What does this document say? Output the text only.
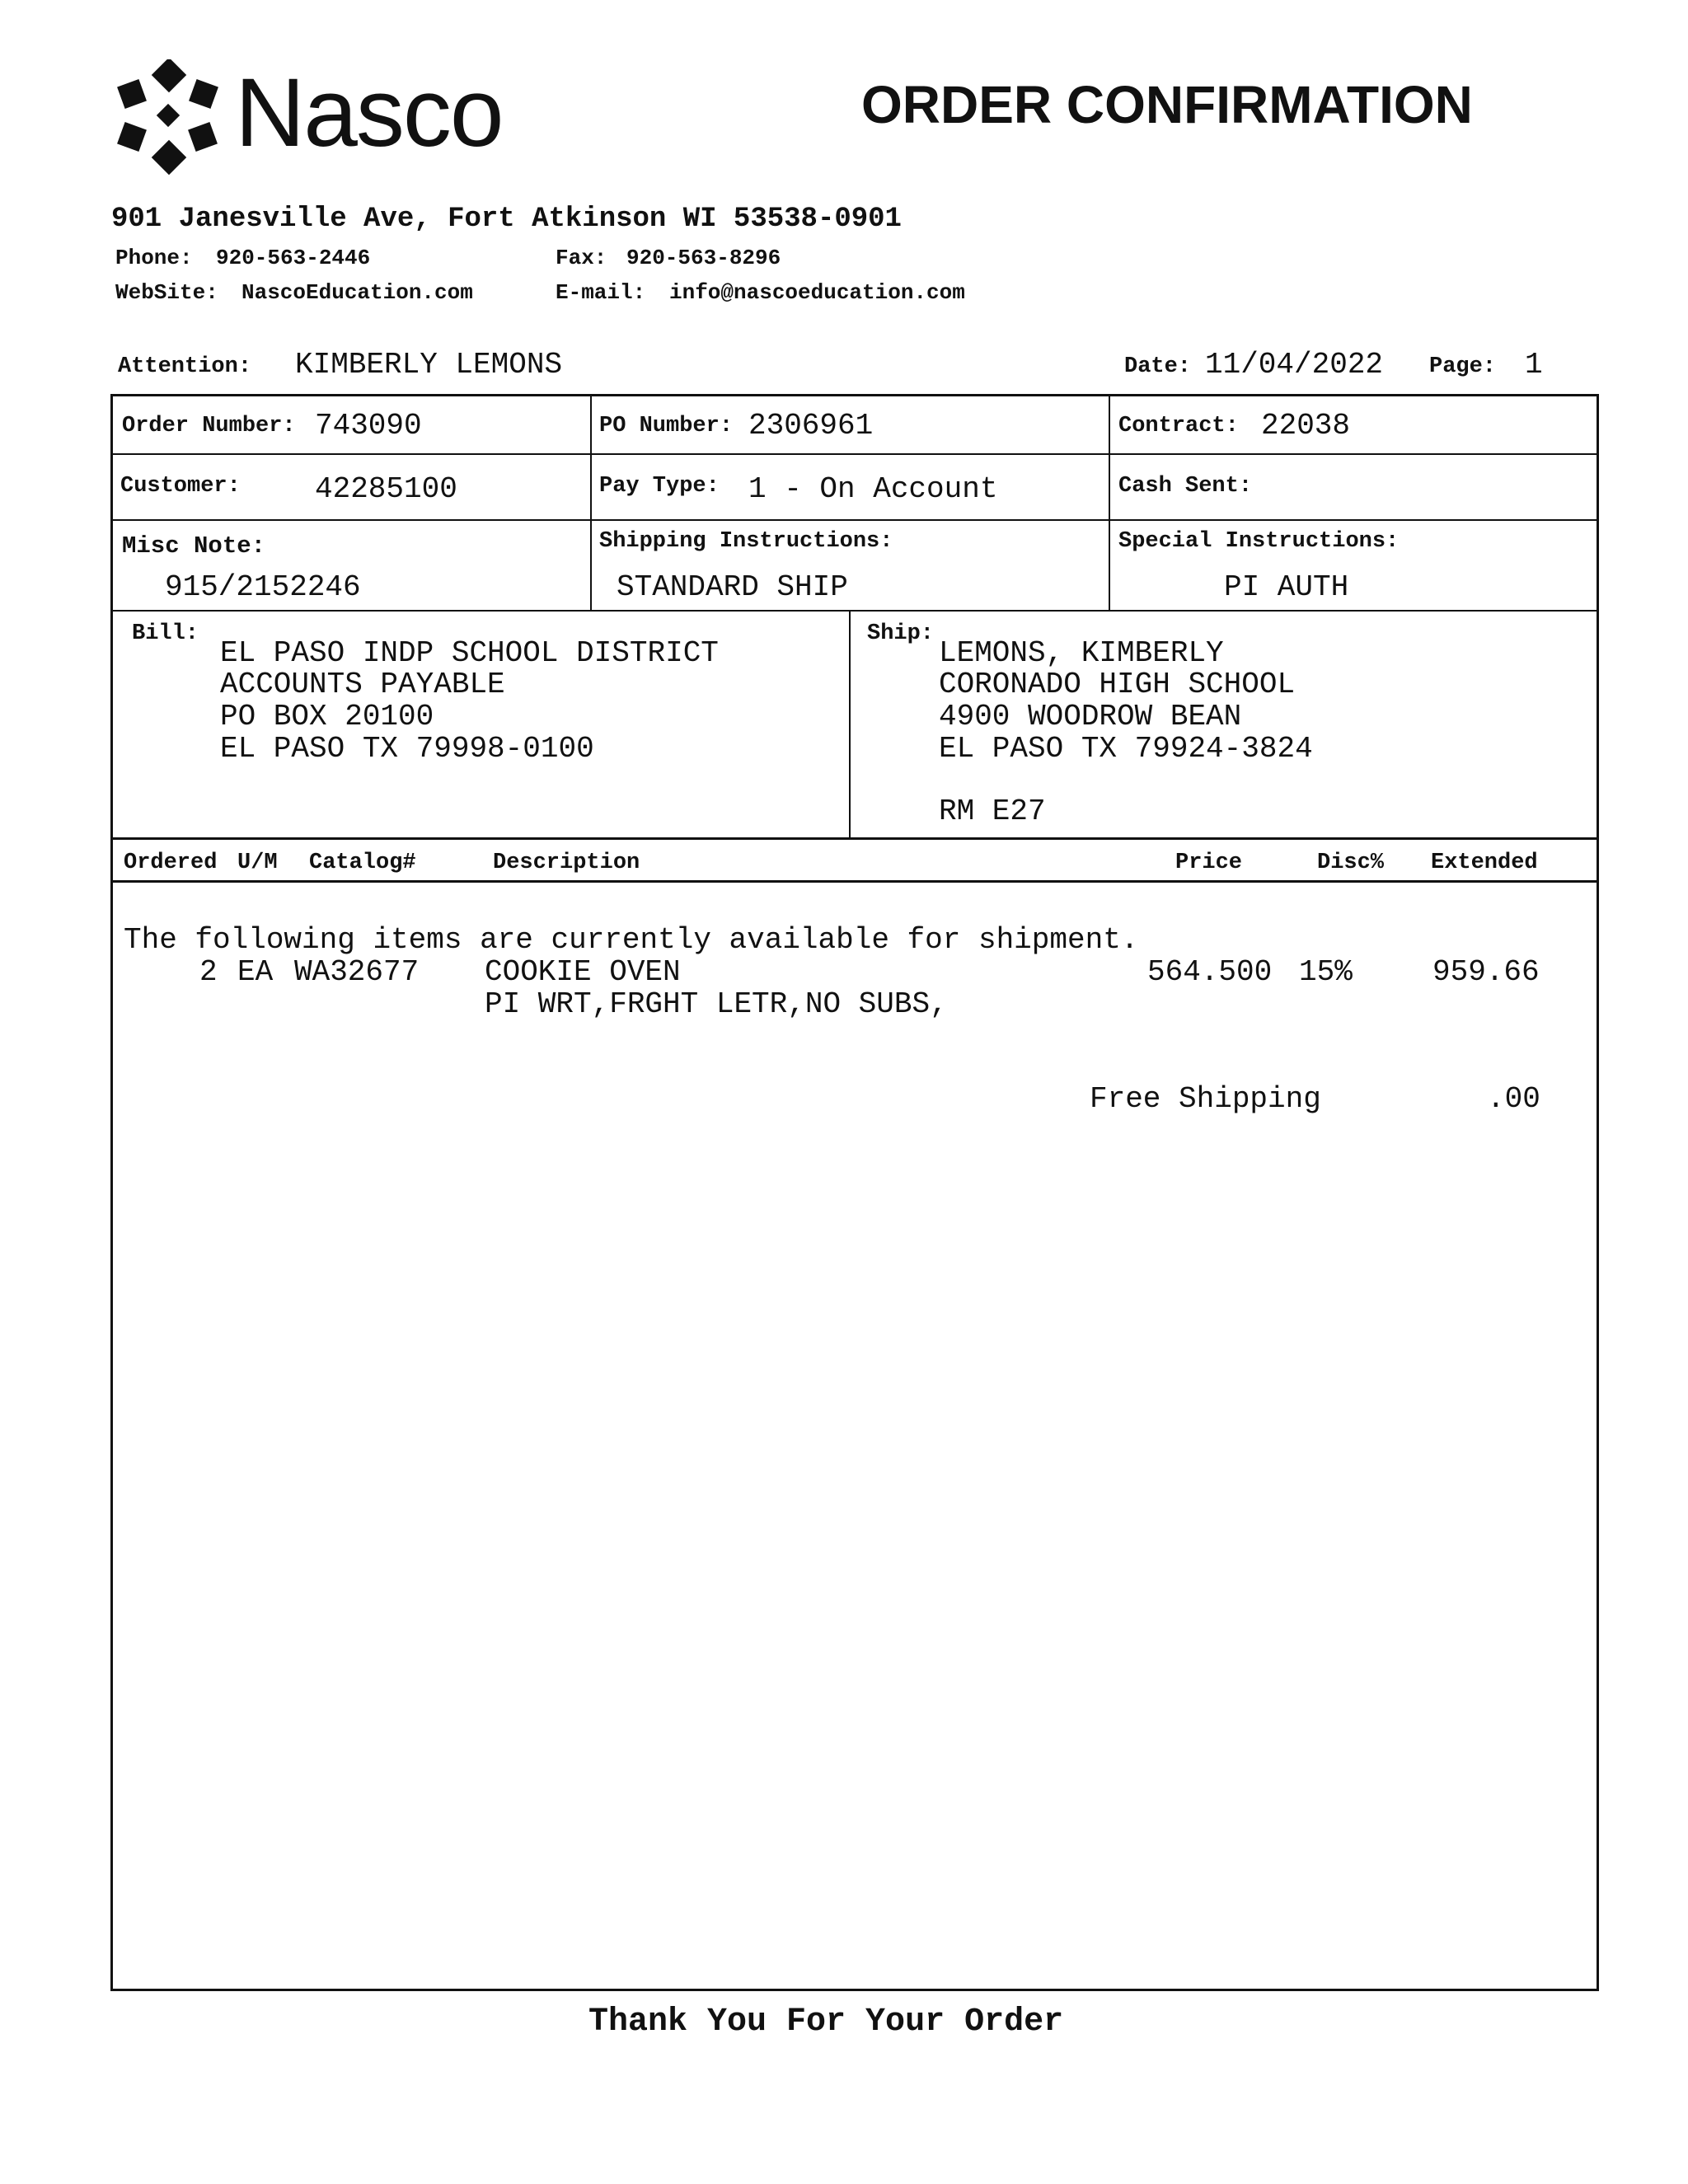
Nasco	ORDER CONFIRMATION
901 Janesville Ave, Fort Atkinson WI 53538-0901
Phone: 920-563-2446	Fax: 920-563-8296
WebSite: NascoEducation.com	E-mail: info@nascoeducation.com
Attention: KIMBERLY LEMONS	Date: 11/04/2022 Page: 1
Order Number: 743090	PO Number: 2306961	Contract: 22038
Customer:	42285100	Pay Type: 1 - On Account	Cash Sent:
Misc Note:
915/2152246
Shipping Instructions:
STANDARD SHIP
Special Instructions:
PI AUTH
Bill:
EL PASO INDP SCHOOL DISTRICT
ACCOUNTS PAYABLE
PO BOX 20100
EL PASO TX 79998-0100
Ship:
LEMONS, KIMBERLY
CORONADO HIGH SCHOOL
4900 WOODROW BEAN
EL PASO TX 79924-3824
RM E27
Ordered U/M Catalog#	Description	Price	Disc% Extended
The following items are currently available for shipment.
2 EA WA32677 COOKIE OVEN	564.500 15%	959.66
PI WRT,FRGHT LETR,NO SUBS,
Free Shipping	.00
Thank You For Your Order
